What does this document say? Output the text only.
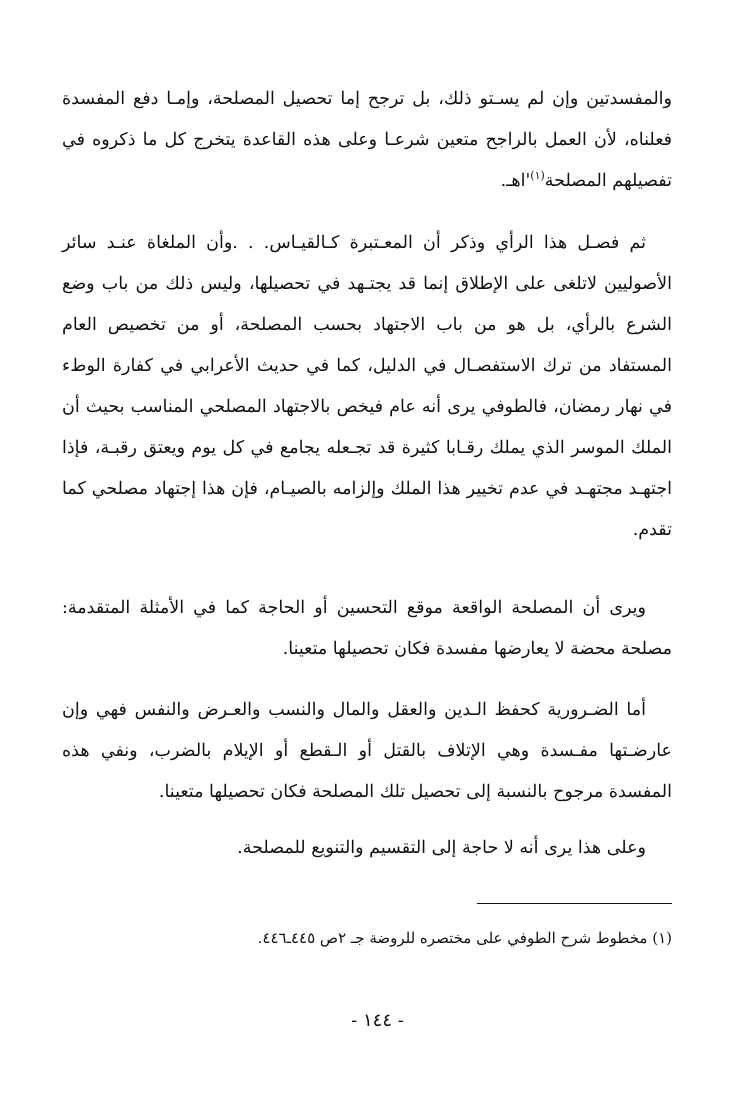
والمفسدتين وإن لم يسـتو ذلك، بل ترجح إما تحصيل المصلحة، وإمـا دفع المفسدة فعلناه، لأن العمل بالراجح متعين شرعـا وعلى هذه القاعدة يتخرج كل ما ذكروه في تفصيلهم المصلحة$^{(١)}$'اهـ.

ثم فصـل هذا الرأي وذكر أن المعـتبرة كـالقيـاس. . .وأن الملغاة عنـد سائر الأصوليين لاتلغى على الإطلاق إنما قد يجتـهد في تحصيلها، وليس ذلك من باب وضع الشرع بالرأي، بل هو من باب الاجتهاد بحسب المصلحة، أو من تخصيص العام المستفاد من ترك الاستفصـال في الدليل، كما في حديث الأعرابي في كفارة الوطء في نهار رمضان، فالطوفي يرى أنه عام فيخص بالاجتهاد المصلحي المناسب بحيث أن الملك الموسر الذي يملك رقـابا كثيرة قد تجـعله يجامع في كل يوم ويعتق رقبـة، فإذا اجتهـد مجتهـد في عدم تخيير هذا الملك وإلزامه بالصيـام، فإن هذا إجتهاد مصلحي كما تقدم.

ويرى أن المصلحة الواقعة موقع التحسين أو الحاجة كما في الأمثلة المتقدمة: مصلحة محضة لا يعارضها مفسدة فكان تحصيلها متعينا.

أما الضـرورية كحفظ الـدين والعقل والمال والنسب والعـرض والنفس فهي وإن عارضـتها مفـسدة وهي الإتلاف بالقتل أو الـقطع أو الإيلام بالضرب، ونفي هذه المفسدة مرجوح بالنسبة إلى تحصيل تلك المصلحة فكان تحصيلها متعينا.

وعلى هذا يرى أنه لا حاجة إلى التقسيم والتنويع للمصلحة.

(١) مخطوط شرح الطوفي على مختصره للروضة جـ ٢ص ٤٤٥ـ٤٤٦.

- ١٤٤ -
